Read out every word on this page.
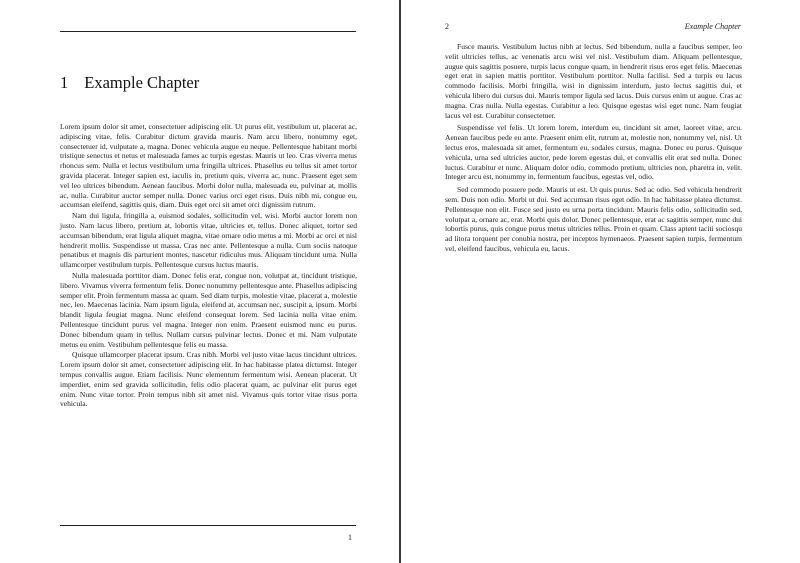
1 Example Chapter

Lorem ipsum dolor sit amet, consectetuer adipiscing elit. Ut purus elit, vestibulum ut, placerat ac, adipiscing vitae, felis. Curabitur dictum gravida mauris. Nam arcu libero, nonummy eget, consectetuer id, vulputate a, magna. Donec vehicula augue eu neque. Pellentesque habitant morbi tristique senectus et netus et malesuada fames ac turpis egestas. Mauris ut leo. Cras viverra metus rhoncus sem. Nulla et lectus vestibulum urna fringilla ultrices. Phasellus eu tellus sit amet tortor gravida placerat. Integer sapien est, iaculis in, pretium quis, viverra ac, nunc. Praesent eget sem vel leo ultrices bibendum. Aenean faucibus. Morbi dolor nulla, malesuada eu, pulvinar at, mollis ac, nulla. Curabitur auctor semper nulla. Donec varius orci eget risus. Duis nibh mi, congue eu, accumsan eleifend, sagittis quis, diam. Duis eget orci sit amet orci dignissim rutrum.

Nam dui ligula, fringilla a, euismod sodales, sollicitudin vel, wisi. Morbi auctor lorem non justo. Nam lacus libero, pretium at, lobortis vitae, ultricies et, tellus. Donec aliquet, tortor sed accumsan bibendum, erat ligula aliquet magna, vitae ornare odio metus a mi. Morbi ac orci et nisl hendrerit mollis. Suspendisse ut massa. Cras nec ante. Pellentesque a nulla. Cum sociis natoque penatibus et magnis dis parturient montes, nascetur ridiculus mus. Aliquam tincidunt urna. Nulla ullamcorper vestibulum turpis. Pellentesque cursus luctus mauris.

Nulla malesuada porttitor diam. Donec felis erat, congue non, volutpat at, tincidunt tristique, libero. Vivamus viverra fermentum felis. Donec nonummy pellentesque ante. Phasellus adipiscing semper elit. Proin fermentum massa ac quam. Sed diam turpis, molestie vitae, placerat a, molestie nec, leo. Maecenas lacinia. Nam ipsum ligula, eleifend at, accumsan nec, suscipit a, ipsum. Morbi blandit ligula feugiat magna. Nunc eleifend consequat lorem. Sed lacinia nulla vitae enim. Pellentesque tincidunt purus vel magna. Integer non enim. Praesent euismod nunc eu purus. Donec bibendum quam in tellus. Nullam cursus pulvinar lectus. Donec et mi. Nam vulputate metus eu enim. Vestibulum pellentesque felis eu massa.

Quisque ullamcorper placerat ipsum. Cras nibh. Morbi vel justo vitae lacus tincidunt ultrices. Lorem ipsum dolor sit amet, consectetuer adipiscing elit. In hac habitasse platea dictumst. Integer tempus convallis augue. Etiam facilisis. Nunc elementum fermentum wisi. Aenean placerat. Ut imperdiet, enim sed gravida sollicitudin, felis odio placerat quam, ac pulvinar elit purus eget enim. Nunc vitae tortor. Proin tempus nibh sit amet nisl. Vivamus quis tortor vitae risus porta vehicula.

1
2	Example Chapter

Fusce mauris. Vestibulum luctus nibh at lectus. Sed bibendum, nulla a faucibus semper, leo velit ultricies tellus, ac venenatis arcu wisi vel nisl. Vestibulum diam. Aliquam pellentesque, augue quis sagittis posuere, turpis lacus congue quam, in hendrerit risus eros eget felis. Maecenas eget erat in sapien mattis porttitor. Vestibulum porttitor. Nulla facilisi. Sed a turpis eu lacus commodo facilisis. Morbi fringilla, wisi in dignissim interdum, justo lectus sagittis dui, et vehicula libero dui cursus dui. Mauris tempor ligula sed lacus. Duis cursus enim ut augue. Cras ac magna. Cras nulla. Nulla egestas. Curabitur a leo. Quisque egestas wisi eget nunc. Nam feugiat lacus vel est. Curabitur consectetuer.

Suspendisse vel felis. Ut lorem lorem, interdum eu, tincidunt sit amet, laoreet vitae, arcu. Aenean faucibus pede eu ante. Praesent enim elit, rutrum at, molestie non, nonummy vel, nisl. Ut lectus eros, malesuada sit amet, fermentum eu, sodales cursus, magna. Donec eu purus. Quisque vehicula, urna sed ultricies auctor, pede lorem egestas dui, et convallis elit erat sed nulla. Donec luctus. Curabitur et nunc. Aliquam dolor odio, commodo pretium, ultricies non, pharetra in, velit. Integer arcu est, nonummy in, fermentum faucibus, egestas vel, odio.

Sed commodo posuere pede. Mauris ut est. Ut quis purus. Sed ac odio. Sed vehicula hendrerit sem. Duis non odio. Morbi ut dui. Sed accumsan risus eget odio. In hac habitasse platea dictumst. Pellentesque non elit. Fusce sed justo eu urna porta tincidunt. Mauris felis odio, sollicitudin sed, volutpat a, ornare ac, erat. Morbi quis dolor. Donec pellentesque, erat ac sagittis semper, nunc dui lobortis purus, quis congue purus metus ultricies tellus. Proin et quam. Class aptent taciti sociosqu ad litora torquent per conubia nostra, per inceptos hymenaeos. Praesent sapien turpis, fermentum vel, eleifend faucibus, vehicula eu, lacus.
